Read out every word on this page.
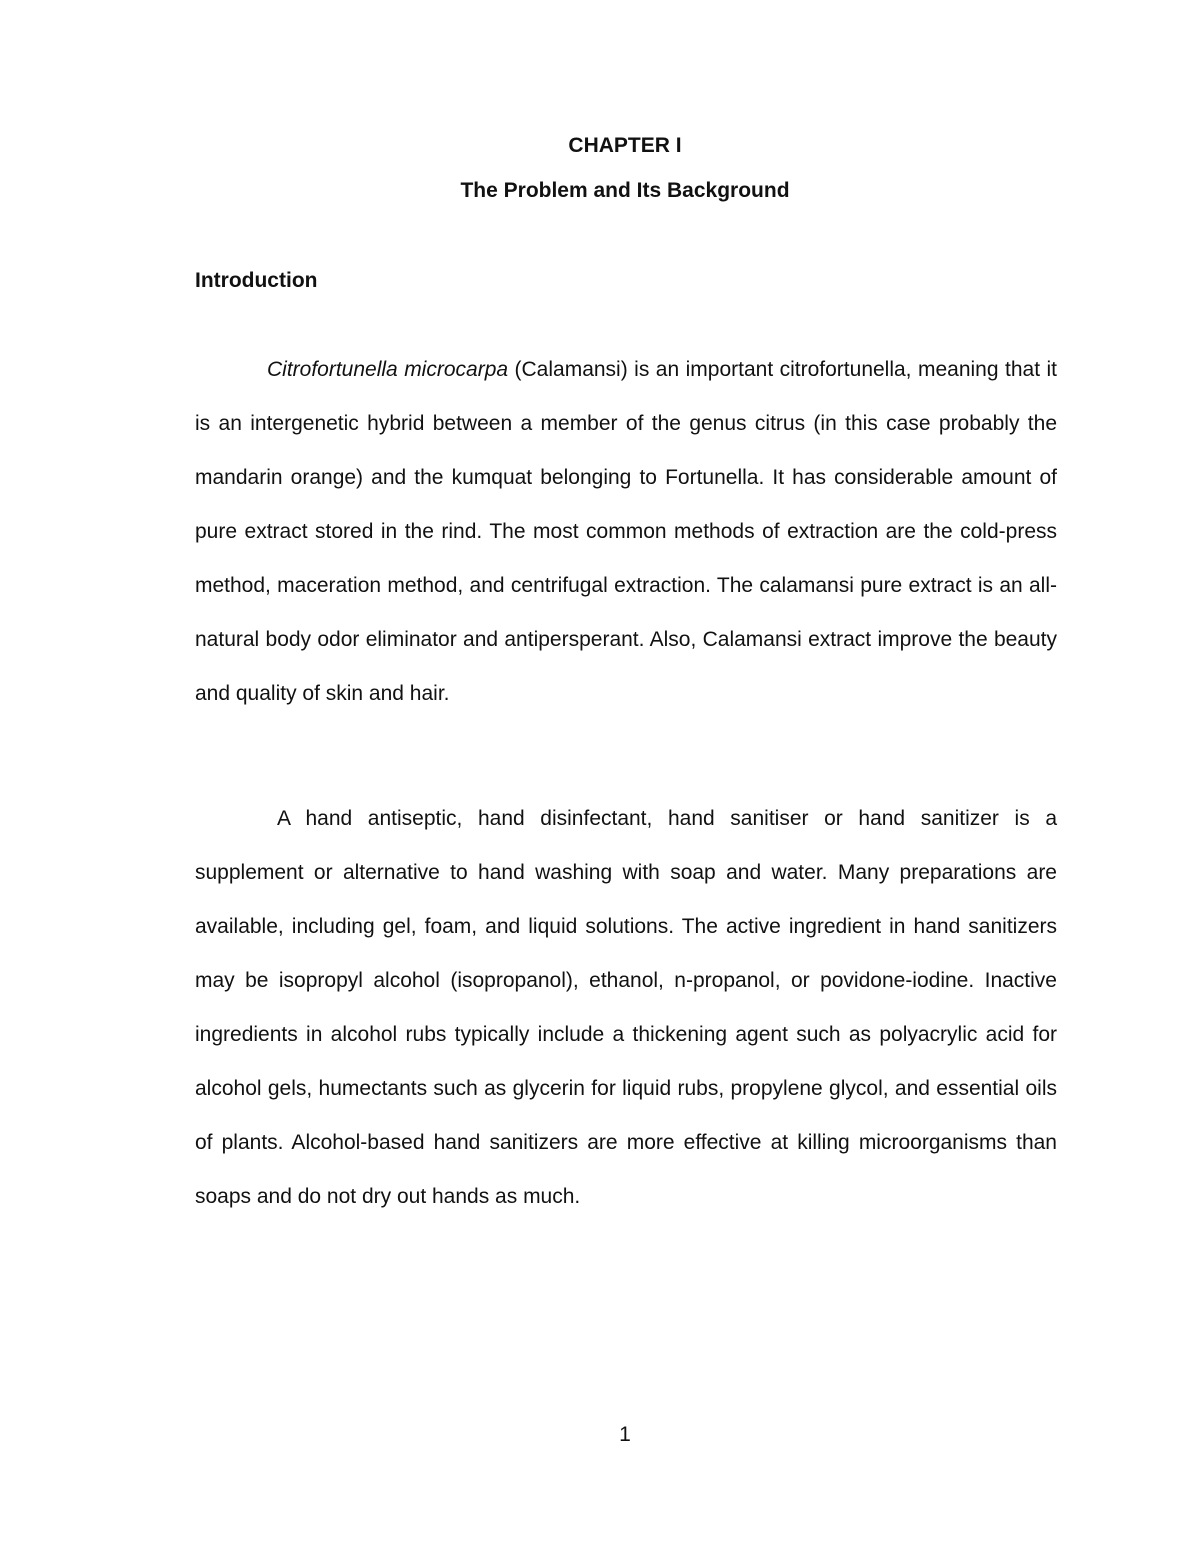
CHAPTER I
The Problem and Its Background
Introduction

Citrofortunella microcarpa (Calamansi) is an important citrofortunella, meaning that it is an intergenetic hybrid between a member of the genus citrus (in this case probably the mandarin orange) and the kumquat belonging to Fortunella. It has considerable amount of pure extract stored in the rind. The most common methods of extraction are the cold-press method, maceration method, and centrifugal extraction. The calamansi pure extract is an all-natural body odor eliminator and antipersperant. Also, Calamansi extract improve the beauty and quality of skin and hair.

A hand antiseptic, hand disinfectant, hand sanitiser or hand sanitizer is a supplement or alternative to hand washing with soap and water. Many preparations are available, including gel, foam, and liquid solutions. The active ingredient in hand sanitizers may be isopropyl alcohol (isopropanol), ethanol, n-propanol, or povidone-iodine. Inactive ingredients in alcohol rubs typically include a thickening agent such as polyacrylic acid for alcohol gels, humectants such as glycerin for liquid rubs, propylene glycol, and essential oils of plants. Alcohol-based hand sanitizers are more effective at killing microorganisms than soaps and do not dry out hands as much.

1
